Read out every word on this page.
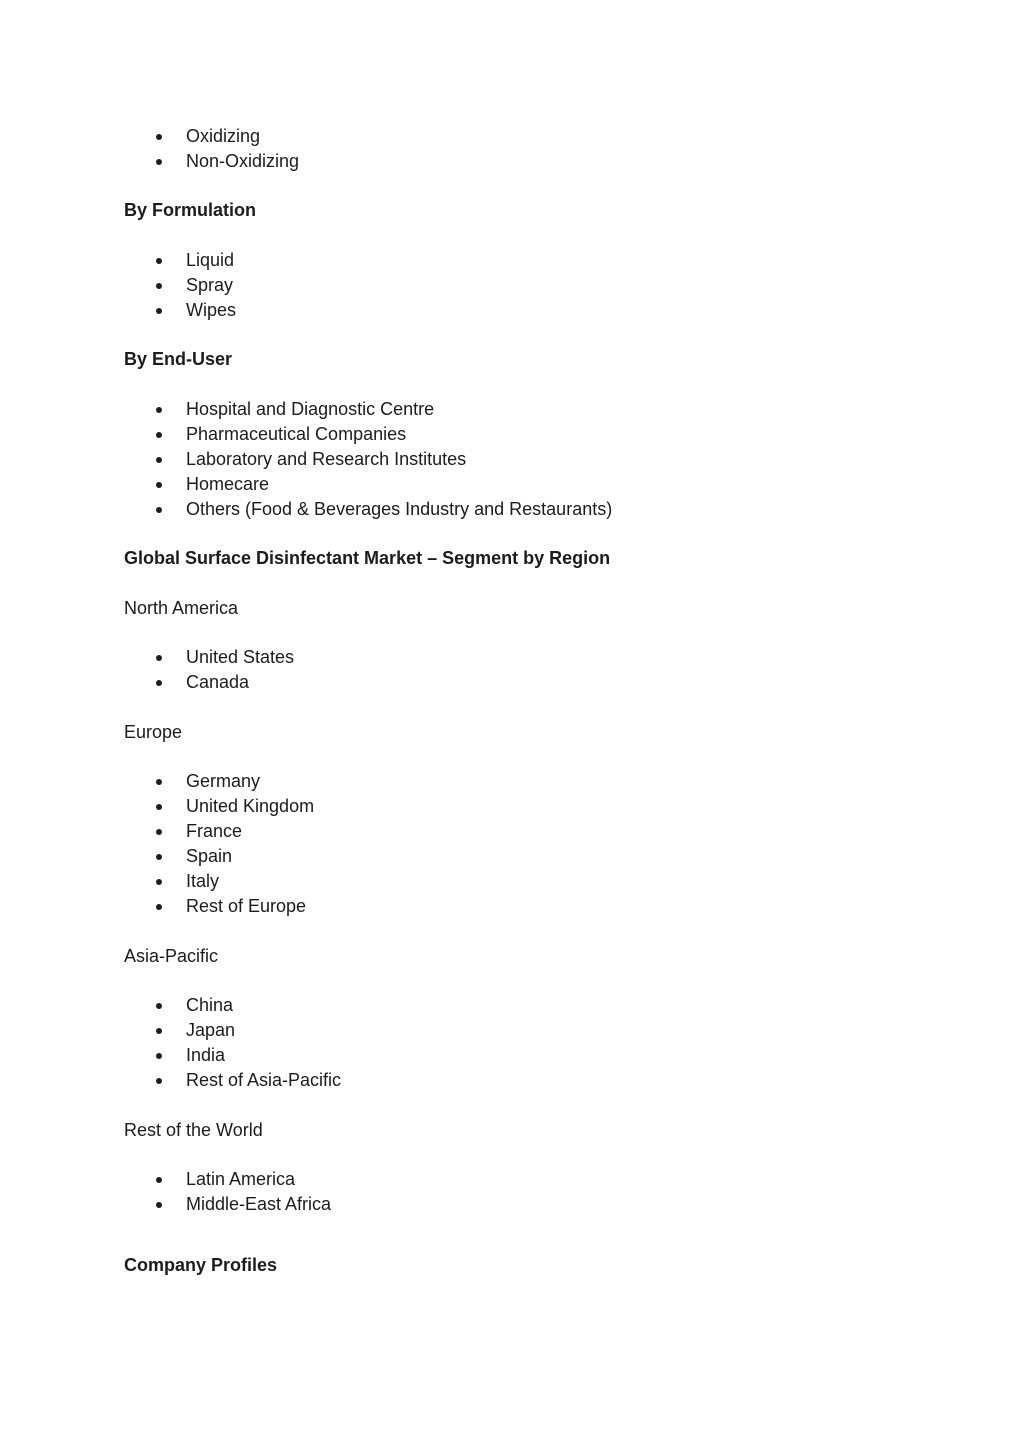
Oxidizing
Non-Oxidizing

By Formulation

Liquid
Spray
Wipes

By End-User

Hospital and Diagnostic Centre
Pharmaceutical Companies
Laboratory and Research Institutes
Homecare
Others (Food & Beverages Industry and Restaurants)

Global Surface Disinfectant Market – Segment by Region

North America

United States
Canada

Europe

Germany
United Kingdom
France
Spain
Italy
Rest of Europe

Asia-Pacific

China
Japan
India
Rest of Asia-Pacific

Rest of the World

Latin America
Middle-East Africa

Company Profiles
